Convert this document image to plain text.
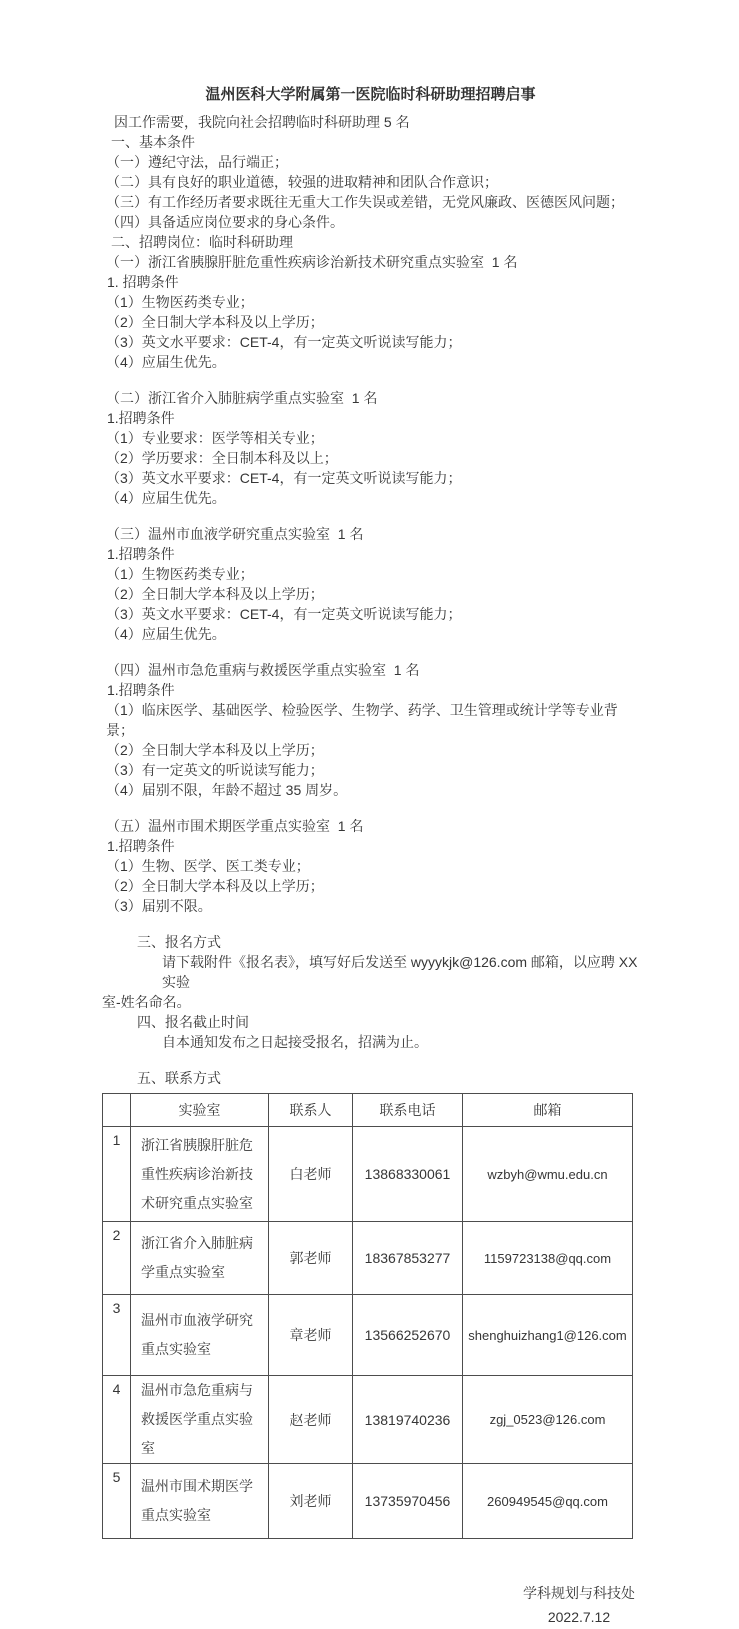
温州医科大学附属第一医院临时科研助理招聘启事
因工作需要，我院向社会招聘临时科研助理 5 名
一、基本条件
（一）遵纪守法，品行端正；
（二）具有良好的职业道德，较强的进取精神和团队合作意识；
（三）有工作经历者要求既往无重大工作失误或差错，无党风廉政、医德医风问题；
（四）具备适应岗位要求的身心条件。
二、招聘岗位：临时科研助理
（一）浙江省胰腺肝脏危重性疾病诊治新技术研究重点实验室  1 名
1. 招聘条件
（1）生物医药类专业；
（2）全日制大学本科及以上学历；
（3）英文水平要求：CET-4，有一定英文听说读写能力；
（4）应届生优先。
（二）浙江省介入肺脏病学重点实验室  1 名
1.招聘条件
（1）专业要求：医学等相关专业；
（2）学历要求：全日制本科及以上；
（3）英文水平要求：CET-4，有一定英文听说读写能力；
（4）应届生优先。
（三）温州市血液学研究重点实验室  1 名
1.招聘条件
（1）生物医药类专业；
（2）全日制大学本科及以上学历；
（3）英文水平要求：CET-4，有一定英文听说读写能力；
（4）应届生优先。
（四）温州市急危重病与救援医学重点实验室  1 名
1.招聘条件
（1）临床医学、基础医学、检验医学、生物学、药学、卫生管理或统计学等专业背景；
（2）全日制大学本科及以上学历；
（3）有一定英文的听说读写能力；
（4）届别不限，年龄不超过 35 周岁。
（五）温州市围术期医学重点实验室  1 名
1.招聘条件
（1）生物、医学、医工类专业；
（2）全日制大学本科及以上学历；
（3）届别不限。
三、报名方式
请下载附件《报名表》，填写好后发送至 wyyykjk@126.com 邮箱，以应聘 XX 实验
室-姓名命名。
四、报名截止时间
自本通知发布之日起接受报名，招满为止。
五、联系方式
	实验室	联系人	联系电话	邮箱
1	浙江省胰腺肝脏危重性疾病诊治新技术研究重点实验室	白老师	13868330061	wzbyh@wmu.edu.cn
2	浙江省介入肺脏病学重点实验室	郭老师	18367853277	1159723138@qq.com
3	温州市血液学研究重点实验室	章老师	13566252670	shenghuizhang1@126.com
4	温州市急危重病与救援医学重点实验室	赵老师	13819740236	zgj_0523@126.com
5	温州市围术期医学重点实验室	刘老师	13735970456	260949545@qq.com
学科规划与科技处
2022.7.12
